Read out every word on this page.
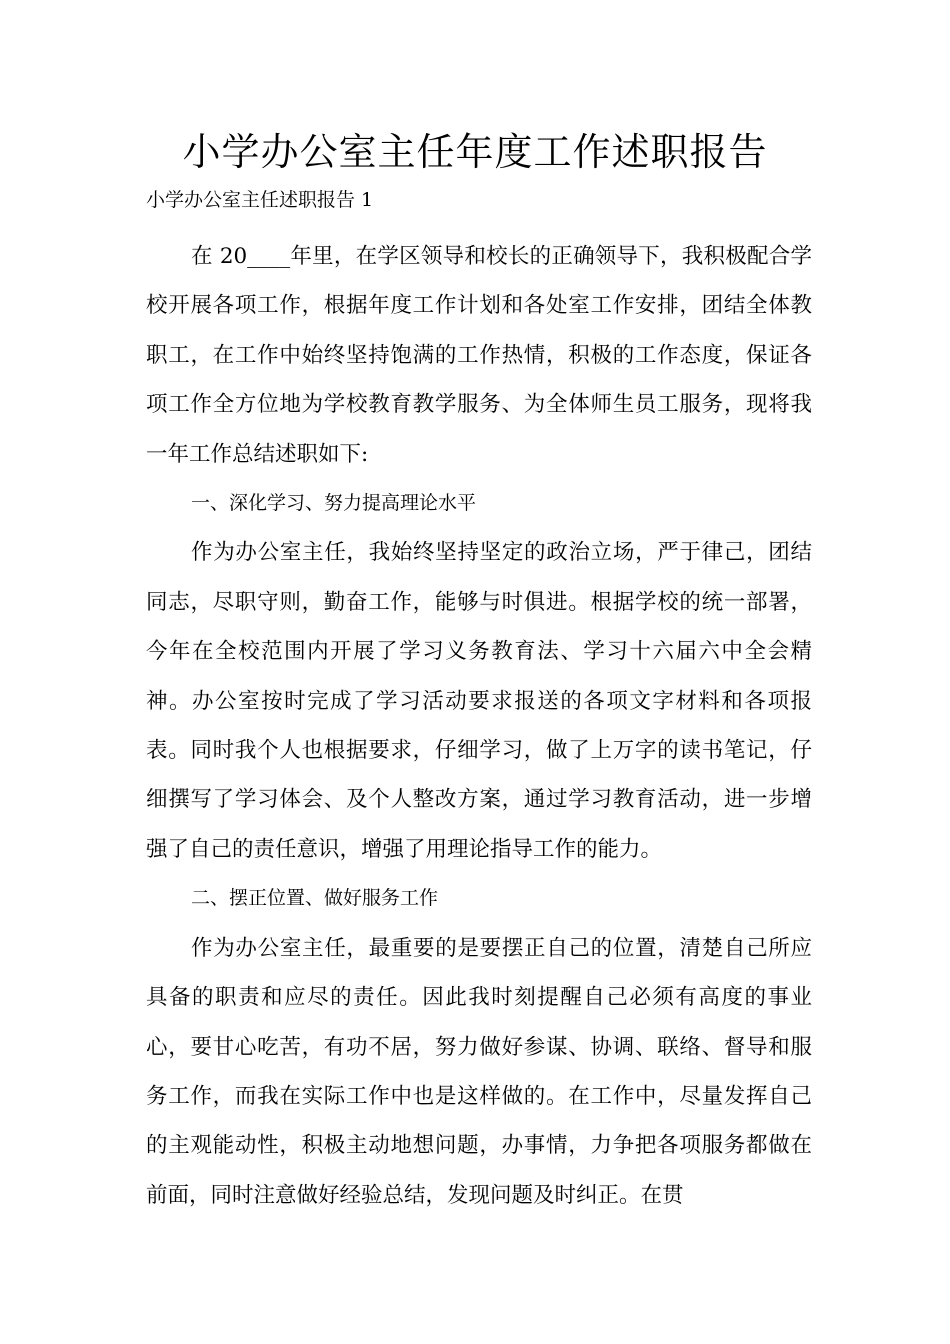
小学办公室主任年度工作述职报告

小学办公室主任述职报告 1

在 20____年里，在学区领导和校长的正确领导下，我积极配合学校开展各项工作，根据年度工作计划和各处室工作安排，团结全体教职工，在工作中始终坚持饱满的工作热情，积极的工作态度，保证各项工作全方位地为学校教育教学服务、为全体师生员工服务，现将我一年工作总结述职如下:

一、深化学习、努力提高理论水平

作为办公室主任，我始终坚持坚定的政治立场，严于律己，团结同志，尽职守则，勤奋工作，能够与时俱进。根据学校的统一部署，今年在全校范围内开展了学习义务教育法、学习十六届六中全会精神。办公室按时完成了学习活动要求报送的各项文字材料和各项报表。同时我个人也根据要求，仔细学习，做了上万字的读书笔记，仔细撰写了学习体会、及个人整改方案，通过学习教育活动，进一步增强了自己的责任意识，增强了用理论指导工作的能力。

二、摆正位置、做好服务工作

作为办公室主任，最重要的是要摆正自己的位置，清楚自己所应具备的职责和应尽的责任。因此我时刻提醒自己必须有高度的事业心，要甘心吃苦，有功不居，努力做好参谋、协调、联络、督导和服务工作，而我在实际工作中也是这样做的。在工作中，尽量发挥自己的主观能动性，积极主动地想问题，办事情，力争把各项服务都做在前面，同时注意做好经验总结，发现问题及时纠正。在贯
